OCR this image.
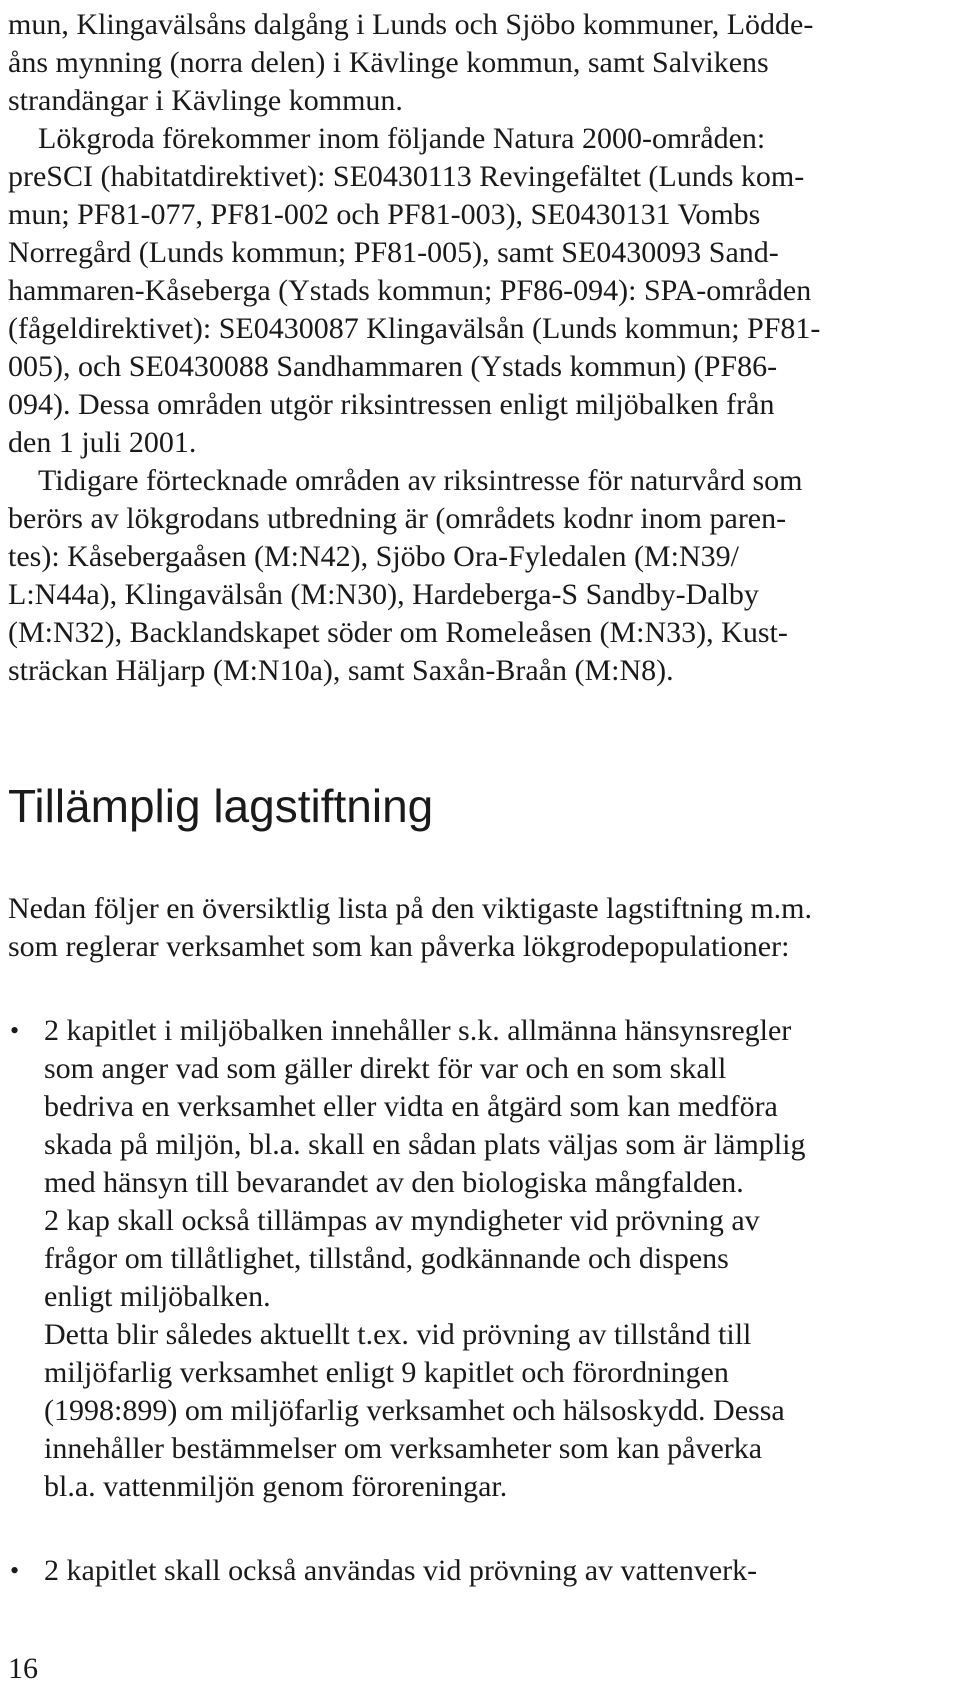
mun, Klingavälsåns dalgång i Lunds och Sjöbo kommuner, Lödde-
åns mynning (norra delen) i Kävlinge kommun, samt Salvikens
strandängar i Kävlinge kommun.
Lökgroda förekommer inom följande Natura 2000-områden:
preSCI (habitatdirektivet): SE0430113 Revingefältet (Lunds kom-
mun; PF81-077, PF81-002 och PF81-003), SE0430131 Vombs
Norregård (Lunds kommun; PF81-005), samt SE0430093 Sand-
hammaren-Kåseberga (Ystads kommun; PF86-094): SPA-områden
(fågeldirektivet): SE0430087 Klingavälsån (Lunds kommun; PF81-
005), och SE0430088 Sandhammaren (Ystads kommun) (PF86-
094). Dessa områden utgör riksintressen enligt miljöbalken från
den 1 juli 2001.
Tidigare förtecknade områden av riksintresse för naturvård som
berörs av lökgrodans utbredning är (områdets kodnr inom paren-
tes): Kåsebergaåsen (M:N42), Sjöbo Ora-Fyledalen (M:N39/
L:N44a), Klingavälsån (M:N30), Hardeberga-S Sandby-Dalby
(M:N32), Backlandskapet söder om Romeleåsen (M:N33), Kust-
sträckan Häljarp (M:N10a), samt Saxån-Braån (M:N8).
Tillämplig lagstiftning
Nedan följer en översiktlig lista på den viktigaste lagstiftning m.m.
som reglerar verksamhet som kan påverka lökgrodepopulationer:
• 2 kapitlet i miljöbalken innehåller s.k. allmänna hänsynsregler
som anger vad som gäller direkt för var och en som skall
bedriva en verksamhet eller vidta en åtgärd som kan medföra
skada på miljön, bl.a. skall en sådan plats väljas som är lämplig
med hänsyn till bevarandet av den biologiska mångfalden.
2 kap skall också tillämpas av myndigheter vid prövning av
frågor om tillåtlighet, tillstånd, godkännande och dispens
enligt miljöbalken.
Detta blir således aktuellt t.ex. vid prövning av tillstånd till
miljöfarlig verksamhet enligt 9 kapitlet och förordningen
(1998:899) om miljöfarlig verksamhet och hälsoskydd. Dessa
innehåller bestämmelser om verksamheter som kan påverka
bl.a. vattenmiljön genom föroreningar.
• 2 kapitlet skall också användas vid prövning av vattenverk-
16
